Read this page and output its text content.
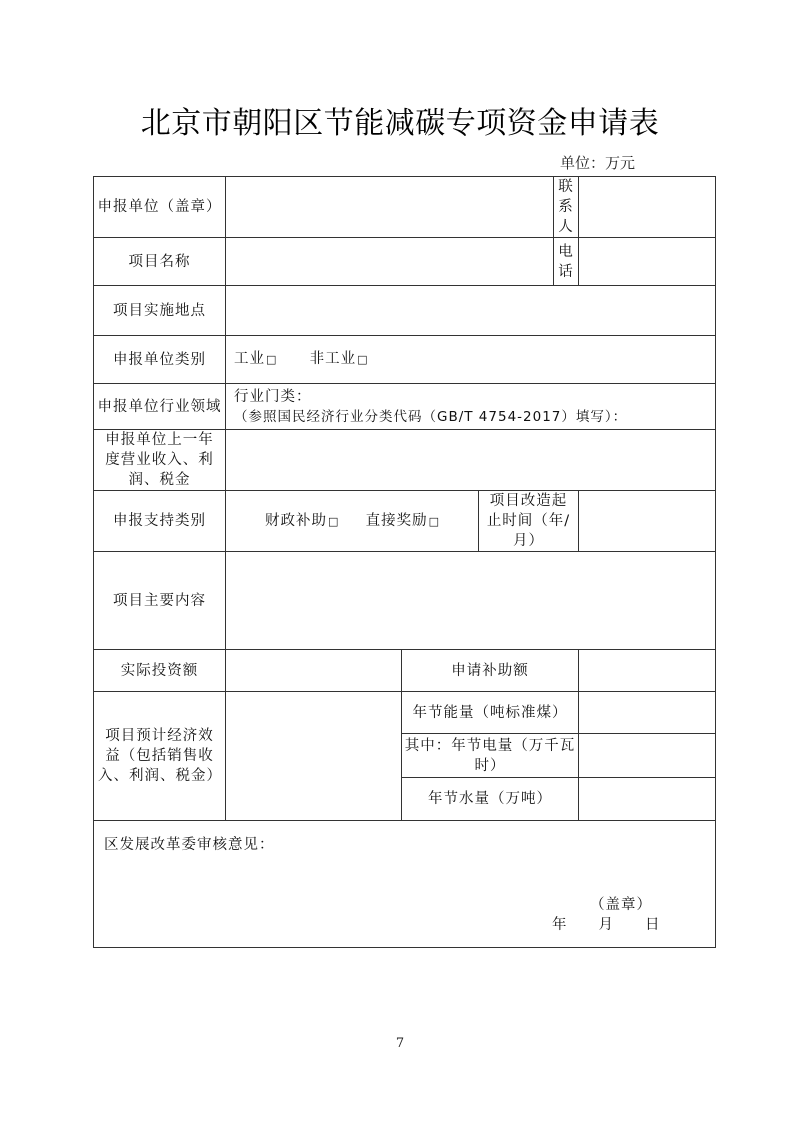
北京市朝阳区节能减碳专项资金申请表
单位：万元
申报单位（盖章）				联系人	
项目名称				电　话	
项目实施地点					
申报单位类别	工业□ 非工业□				
申报单位行业领域	行业门类：
（参照国民经济行业分类代码（GB/T 4754-2017）填写）：				

申报单位上一年度营业收入、利润、税金					
申报支持类别	财政补助□ 直接奖励□		项目改造起止时间（年/月）		
项目主要内容					
实际投资额		申请补助额			
项目预计经济效益（包括销售收入、利润、税金）		年节能量（吨标准煤）			
		其中：年节电量（万千瓦时）			
		年节水量（万吨）			

区发展改革委审核意见：
（盖章）
年　　月　　日					
7
